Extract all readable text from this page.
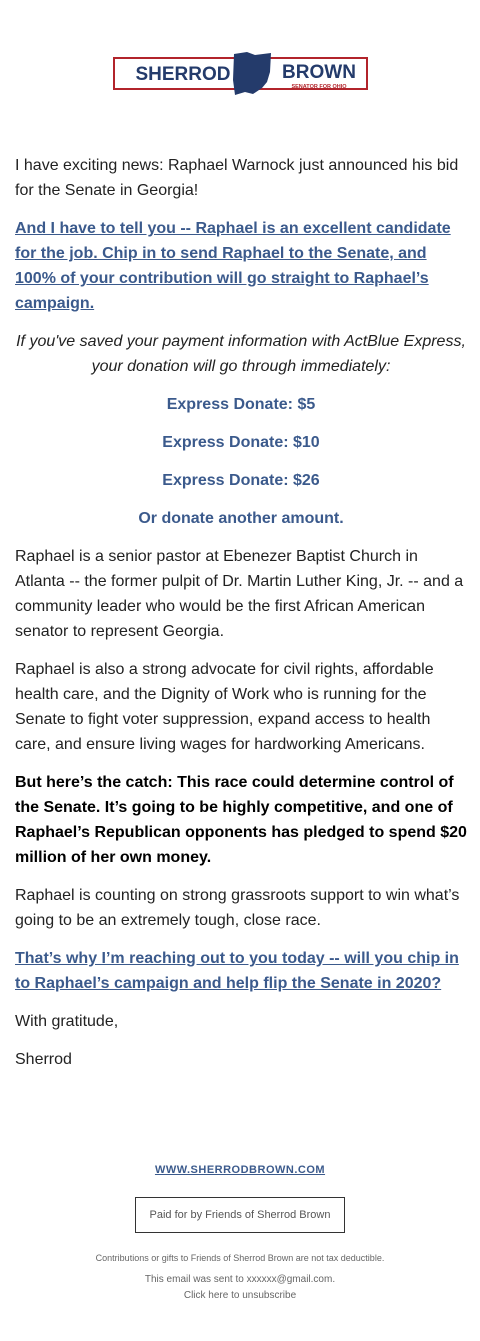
SHERROD	BROWN
SENATOR FOR OHIO

I have exciting news: Raphael Warnock just announced his bid for the Senate in Georgia!

And I have to tell you -- Raphael is an excellent candidate for the job. Chip in to send Raphael to the Senate, and 100% of your contribution will go straight to Raphael’s campaign.

If you've saved your payment information with ActBlue Express, your donation will go through immediately:

Express Donate: $5
Express Donate: $10
Express Donate: $26
Or donate another amount.

Raphael is a senior pastor at Ebenezer Baptist Church in Atlanta -- the former pulpit of Dr. Martin Luther King, Jr. -- and a community leader who would be the first African American senator to represent Georgia.

Raphael is also a strong advocate for civil rights, affordable health care, and the Dignity of Work who is running for the Senate to fight voter suppression, expand access to health care, and ensure living wages for hardworking Americans.

But here’s the catch: This race could determine control of the Senate. It’s going to be highly competitive, and one of Raphael’s Republican opponents has pledged to spend $20 million of her own money.

Raphael is counting on strong grassroots support to win what’s going to be an extremely tough, close race.

That’s why I’m reaching out to you today -- will you chip in to Raphael’s campaign and help flip the Senate in 2020?

With gratitude,

Sherrod

WWW.SHERRODBROWN.COM
Paid for by Friends of Sherrod Brown
Contributions or gifts to Friends of Sherrod Brown are not tax deductible.
This email was sent to xxxxxx@gmail.com.
Click here to unsubscribe
